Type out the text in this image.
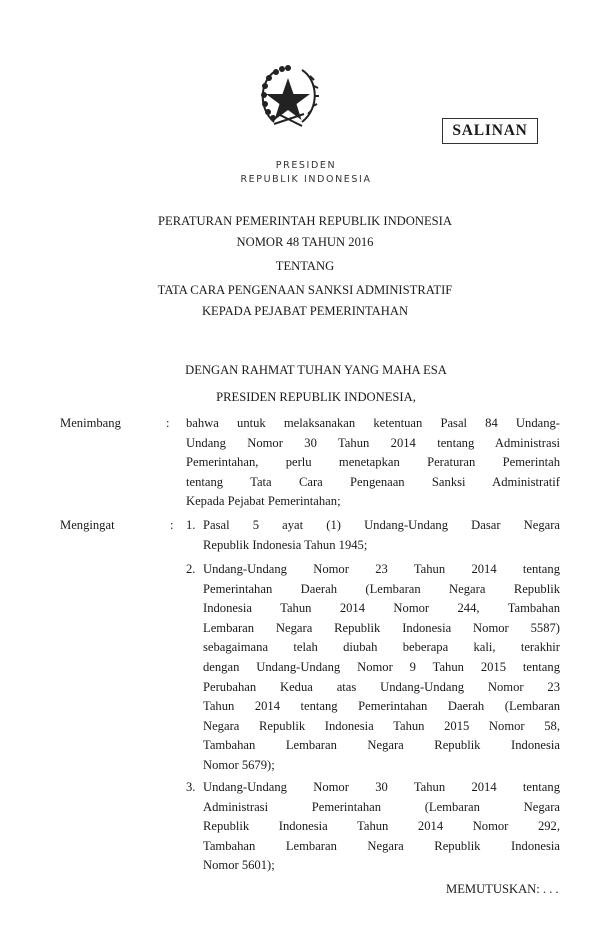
SALINAN
PRESIDEN
REPUBLIK INDONESIA
PERATURAN PEMERINTAH REPUBLIK INDONESIA
NOMOR 48 TAHUN 2016
TENTANG
TATA CARA PENGENAAN SANKSI ADMINISTRATIF
KEPADA PEJABAT PEMERINTAHAN
DENGAN RAHMAT TUHAN YANG MAHA ESA
PRESIDEN REPUBLIK INDONESIA,
Menimbang	: bahwa untuk melaksanakan ketentuan Pasal 84 Undang-
Undang Nomor 30 Tahun 2014 tentang Administrasi
Pemerintahan, perlu menetapkan Peraturan Pemerintah
tentang Tata Cara Pengenaan Sanksi Administratif
Kepada Pejabat Pemerintahan;
Mengingat	: 1. Pasal 5 ayat (1) Undang-Undang Dasar Negara
Republik Indonesia Tahun 1945;
2. Undang-Undang Nomor 23 Tahun 2014 tentang
Pemerintahan Daerah (Lembaran Negara Republik
Indonesia Tahun 2014 Nomor 244, Tambahan
Lembaran Negara Republik Indonesia Nomor 5587)
sebagaimana telah diubah beberapa kali, terakhir
dengan Undang-Undang Nomor 9 Tahun 2015 tentang
Perubahan Kedua atas Undang-Undang Nomor 23
Tahun 2014 tentang Pemerintahan Daerah (Lembaran
Negara Republik Indonesia Tahun 2015 Nomor 58,
Tambahan Lembaran Negara Republik Indonesia
Nomor 5679);
3. Undang-Undang Nomor 30 Tahun 2014 tentang
Administrasi Pemerintahan (Lembaran Negara
Republik Indonesia Tahun 2014 Nomor 292,
Tambahan Lembaran Negara Republik Indonesia
Nomor 5601);
MEMUTUSKAN: . . .
